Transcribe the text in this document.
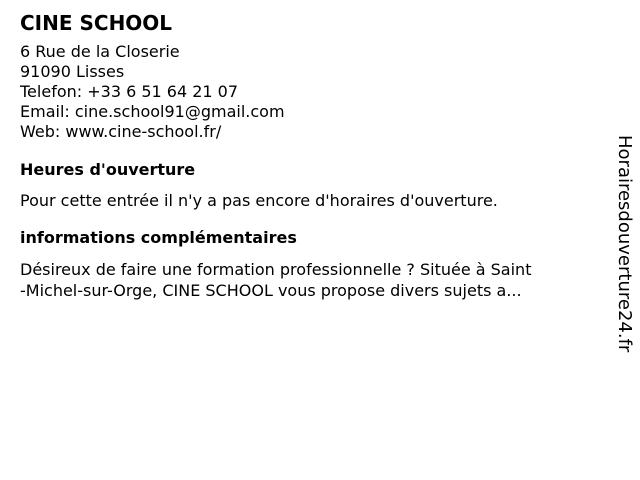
CINE SCHOOL
6 Rue de la Closerie
91090 Lisses
Telefon: +33 6 51 64 21 07
Email: cine.school91@gmail.com
Web: www.cine-school.fr/
Heures d'ouverture
Pour cette entrée il n'y a pas encore d'horaires d'ouverture.
informations complémentaires
Désireux de faire une formation professionnelle ? Située à Saint
-Michel-sur-Orge, CINE SCHOOL vous propose divers sujets a...	Horairesdouverture24.fr
